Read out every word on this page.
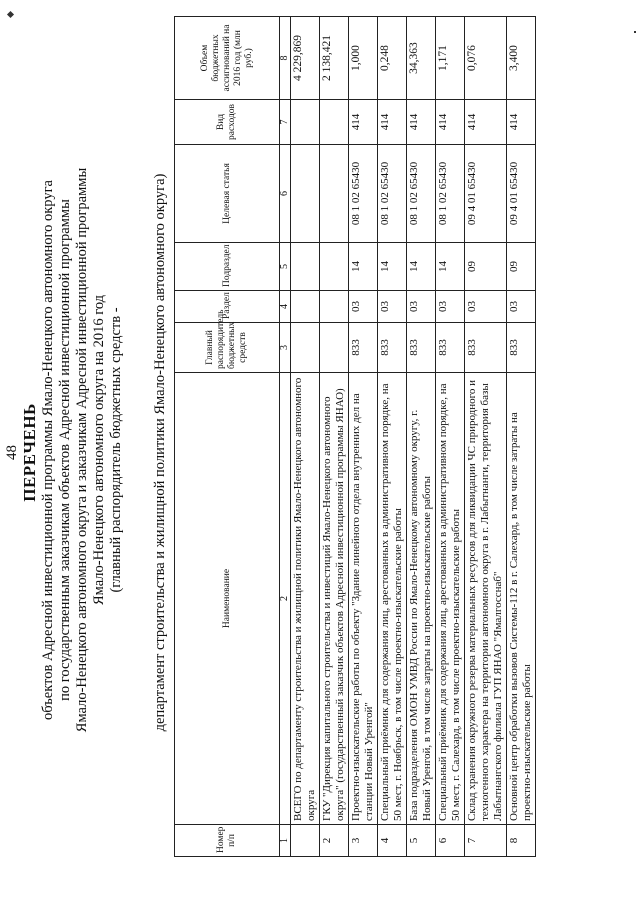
48 ПЕРЕЧЕНЬ объектов Адресной инвестиционной программы Ямало-Ненецкого автономного округа по государственным заказчикам объектов Адресной инвестиционной программы Ямало-Ненецкого автономного округа и заказчикам Адресной инвестиционной программы Ямало-Ненецкого автономного округа на 2016 год (главный распорядитель бюджетных средств - департамент строительства и жилищной политики Ямало-Ненецкого автономного округа)
Номер п/п	Наименование	Главный распорядитель бюджетных средств	Раздел	Подраздел	Целевая статья	Вид расходов	Объем бюджетных ассигнований на 2016 год (млн руб.)
1	2	3	4	5	6	7	8
	ВСЕГО по департаменту строительства и жилищной политики Ямало-Ненецкого автономного округа						4 229,869
2	ГКУ "Дирекция капитального строительства и инвестиций Ямало-Ненецкого автономного округа" (государственный заказчик объектов Адресной инвестиционной программы ЯНАО)						2 138,421
3	Проектно-изыскательские работы по объекту "Здание линейного отдела внутренних дел на станции Новый Уренгой"	833	03	14	08 1 02 65430	414	1,000
4	Специальный приёмник для содержания лиц, арестованных в административном порядке, на 50 мест, г. Ноябрьск, в том числе проектно-изыскательские работы	833	03	14	08 1 02 65430	414	0,248
5	База подразделения ОМОН УМВД России по Ямало-Ненецкому автономному округу, г. Новый Уренгой, в том числе затраты на проектно-изыскательские работы	833	03	14	08 1 02 65430	414	34,363
6	Специальный приёмник для содержания лиц, арестованных в административном порядке, на 50 мест, г. Салехард, в том числе проектно-изыскательские работы	833	03	14	08 1 02 65430	414	1,171
7	Склад хранения окружного резерва материальных ресурсов для ликвидации ЧС природного и техногенного характера на территории автономного округа в г. Лабытнанги, территория базы Лабытнангского филиала ГУП ЯНАО "Ямалгосснаб"	833	03	09	09 4 01 65430	414	0,076
8	Основной центр обработки вызовов Системы-112 в г. Салехард, в том числе затраты на проектно-изыскательские работы	833	03	09	09 4 01 65430	414	3,400
